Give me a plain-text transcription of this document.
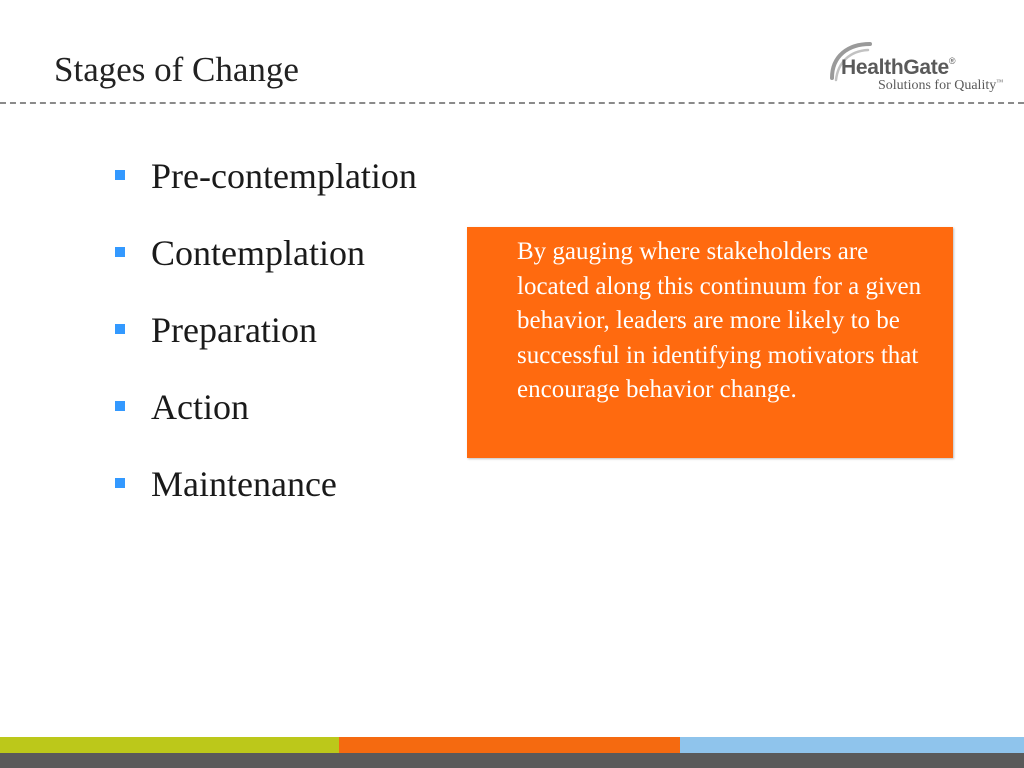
Stages of Change	HealthGate®
Solutions for Quality™
Pre-contemplation
Contemplation
Preparation
Action
Maintenance
By gauging where stakeholders are located along this continuum for a given behavior, leaders are more likely to be successful in identifying motivators that encourage behavior change.
